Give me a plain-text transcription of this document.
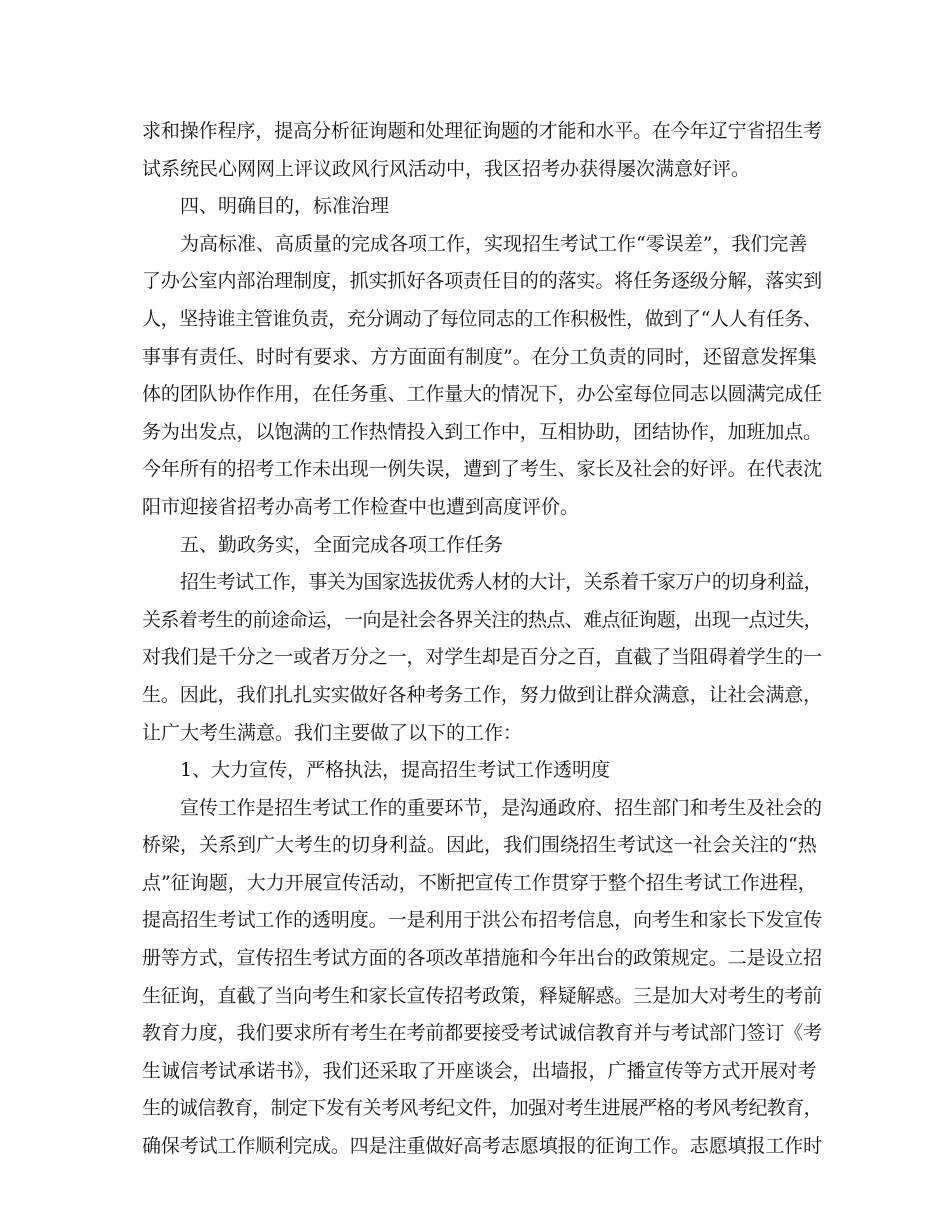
求和操作程序，提高分析征询题和处理征询题的才能和水平。在今年辽宁省招生考
试系统民心网网上评议政风行风活动中，我区招考办获得屡次满意好评。
四、明确目的，标准治理
为高标准、高质量的完成各项工作，实现招生考试工作“零误差”，我们完善
了办公室内部治理制度，抓实抓好各项责任目的的落实。将任务逐级分解，落实到
人，坚持谁主管谁负责，充分调动了每位同志的工作积极性，做到了“人人有任务、
事事有责任、时时有要求、方方面面有制度”。在分工负责的同时，还留意发挥集
体的团队协作作用，在任务重、工作量大的情况下，办公室每位同志以圆满完成任
务为出发点，以饱满的工作热情投入到工作中，互相协助，团结协作，加班加点。
今年所有的招考工作未出现一例失误，遭到了考生、家长及社会的好评。在代表沈
阳市迎接省招考办高考工作检查中也遭到高度评价。
五、勤政务实，全面完成各项工作任务
招生考试工作，事关为国家选拔优秀人材的大计，关系着千家万户的切身利益，
关系着考生的前途命运，一向是社会各界关注的热点、难点征询题，出现一点过失，
对我们是千分之一或者万分之一，对学生却是百分之百，直截了当阻碍着学生的一
生。因此，我们扎扎实实做好各种考务工作，努力做到让群众满意，让社会满意，
让广大考生满意。我们主要做了以下的工作：
1、大力宣传，严格执法，提高招生考试工作透明度
宣传工作是招生考试工作的重要环节，是沟通政府、招生部门和考生及社会的
桥梁，关系到广大考生的切身利益。因此，我们围绕招生考试这一社会关注的“热
点”征询题，大力开展宣传活动，不断把宣传工作贯穿于整个招生考试工作进程，
提高招生考试工作的透明度。一是利用于洪公布招考信息，向考生和家长下发宣传
册等方式，宣传招生考试方面的各项改革措施和今年出台的政策规定。二是设立招
生征询，直截了当向考生和家长宣传招考政策，释疑解惑。三是加大对考生的考前
教育力度，我们要求所有考生在考前都要接受考试诚信教育并与考试部门签订《考
生诚信考试承诺书》，我们还采取了开座谈会，出墙报，广播宣传等方式开展对考
生的诚信教育，制定下发有关考风考纪文件，加强对考生进展严格的考风考纪教育，
确保考试工作顺利完成。四是注重做好高考志愿填报的征询工作。志愿填报工作时
